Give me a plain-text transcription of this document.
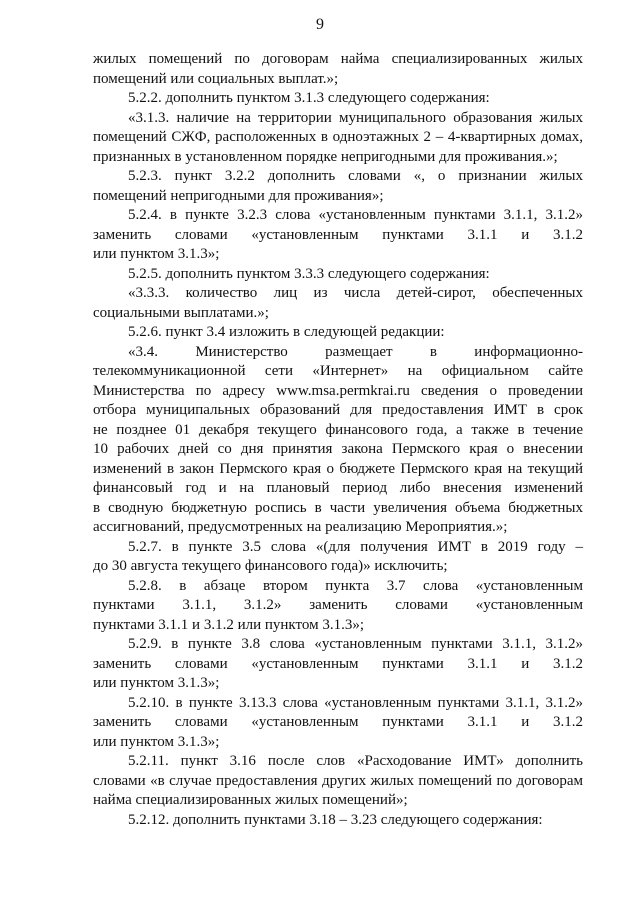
9
жилых помещений по договорам найма специализированных жилых
помещений или социальных выплат.»;
5.2.2. дополнить пунктом 3.1.3 следующего содержания:
«3.1.3. наличие на территории муниципального образования жилых
помещений СЖФ, расположенных в одноэтажных 2 – 4-квартирных домах,
признанных в установленном порядке непригодными для проживания.»;
5.2.3. пункт 3.2.2 дополнить словами «, о признании жилых
помещений непригодными для проживания»;
5.2.4. в пункте 3.2.3 слова «установленным пунктами 3.1.1, 3.1.2»
заменить словами «установленным пунктами 3.1.1 и 3.1.2
или пунктом 3.1.3»;
5.2.5. дополнить пунктом 3.3.3 следующего содержания:
«3.3.3. количество лиц из числа детей-сирот, обеспеченных
социальными выплатами.»;
5.2.6. пункт 3.4 изложить в следующей редакции:
«3.4. Министерство размещает в информационно-
телекоммуникационной сети «Интернет» на официальном сайте
Министерства по адресу www.msa.permkrai.ru сведения о проведении
отбора муниципальных образований для предоставления ИМТ в срок
не позднее 01 декабря текущего финансового года, а также в течение
10 рабочих дней со дня принятия закона Пермского края о внесении
изменений в закон Пермского края о бюджете Пермского края на текущий
финансовый год и на плановый период либо внесения изменений
в сводную бюджетную роспись в части увеличения объема бюджетных
ассигнований, предусмотренных на реализацию Мероприятия.»;
5.2.7. в пункте 3.5 слова «(для получения ИМТ в 2019 году –
до 30 августа текущего финансового года)» исключить;
5.2.8. в абзаце втором пункта 3.7 слова «установленным
пунктами 3.1.1, 3.1.2» заменить словами «установленным
пунктами 3.1.1 и 3.1.2 или пунктом 3.1.3»;
5.2.9. в пункте 3.8 слова «установленным пунктами 3.1.1, 3.1.2»
заменить словами «установленным пунктами 3.1.1 и 3.1.2
или пунктом 3.1.3»;
5.2.10. в пункте 3.13.3 слова «установленным пунктами 3.1.1, 3.1.2»
заменить словами «установленным пунктами 3.1.1 и 3.1.2
или пунктом 3.1.3»;
5.2.11. пункт 3.16 после слов «Расходование ИМТ» дополнить
словами «в случае предоставления других жилых помещений по договорам
найма специализированных жилых помещений»;
5.2.12. дополнить пунктами 3.18 – 3.23 следующего содержания:
